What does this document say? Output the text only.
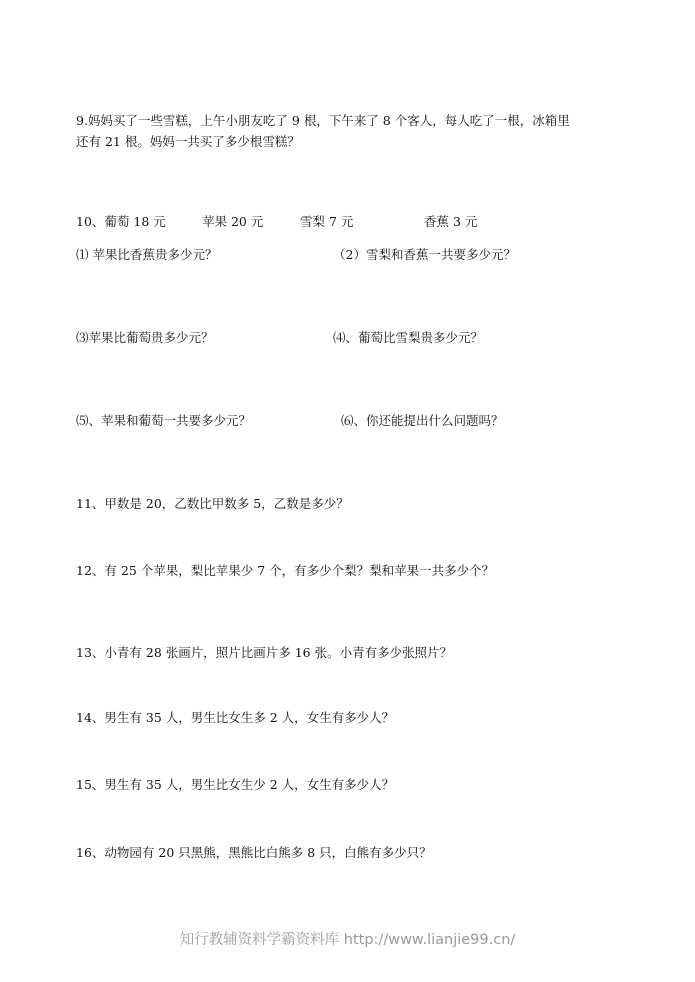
9.妈妈买了一些雪糕，上午小朋友吃了 9 根，下午来了 8 个客人，每人吃了一根，冰箱里
还有 21 根。妈妈一共买了多少根雪糕？
10、葡萄 18 元	苹果 20 元	雪梨 7 元	香蕉 3 元
⑴ 苹果比香蕉贵多少元？	（2）雪梨和香蕉一共要多少元？
⑶苹果比葡萄贵多少元？	⑷、葡萄比雪梨贵多少元？
⑸、苹果和葡萄一共要多少元？	⑹、你还能提出什么问题吗？
11、甲数是 20，乙数比甲数多 5，乙数是多少？
12、有 25 个苹果，梨比苹果少 7 个，有多少个梨？梨和苹果一共多少个？
13、小青有 28 张画片，照片比画片多 16 张。小青有多少张照片？
14、男生有 35 人，男生比女生多 2 人，女生有多少人？
15、男生有 35 人，男生比女生少 2 人，女生有多少人？
16、动物园有 20 只黑熊，黑熊比白熊多 8 只，白熊有多少只？
知行教辅资料学霸资料库 http://www.lianjie99.cn/
